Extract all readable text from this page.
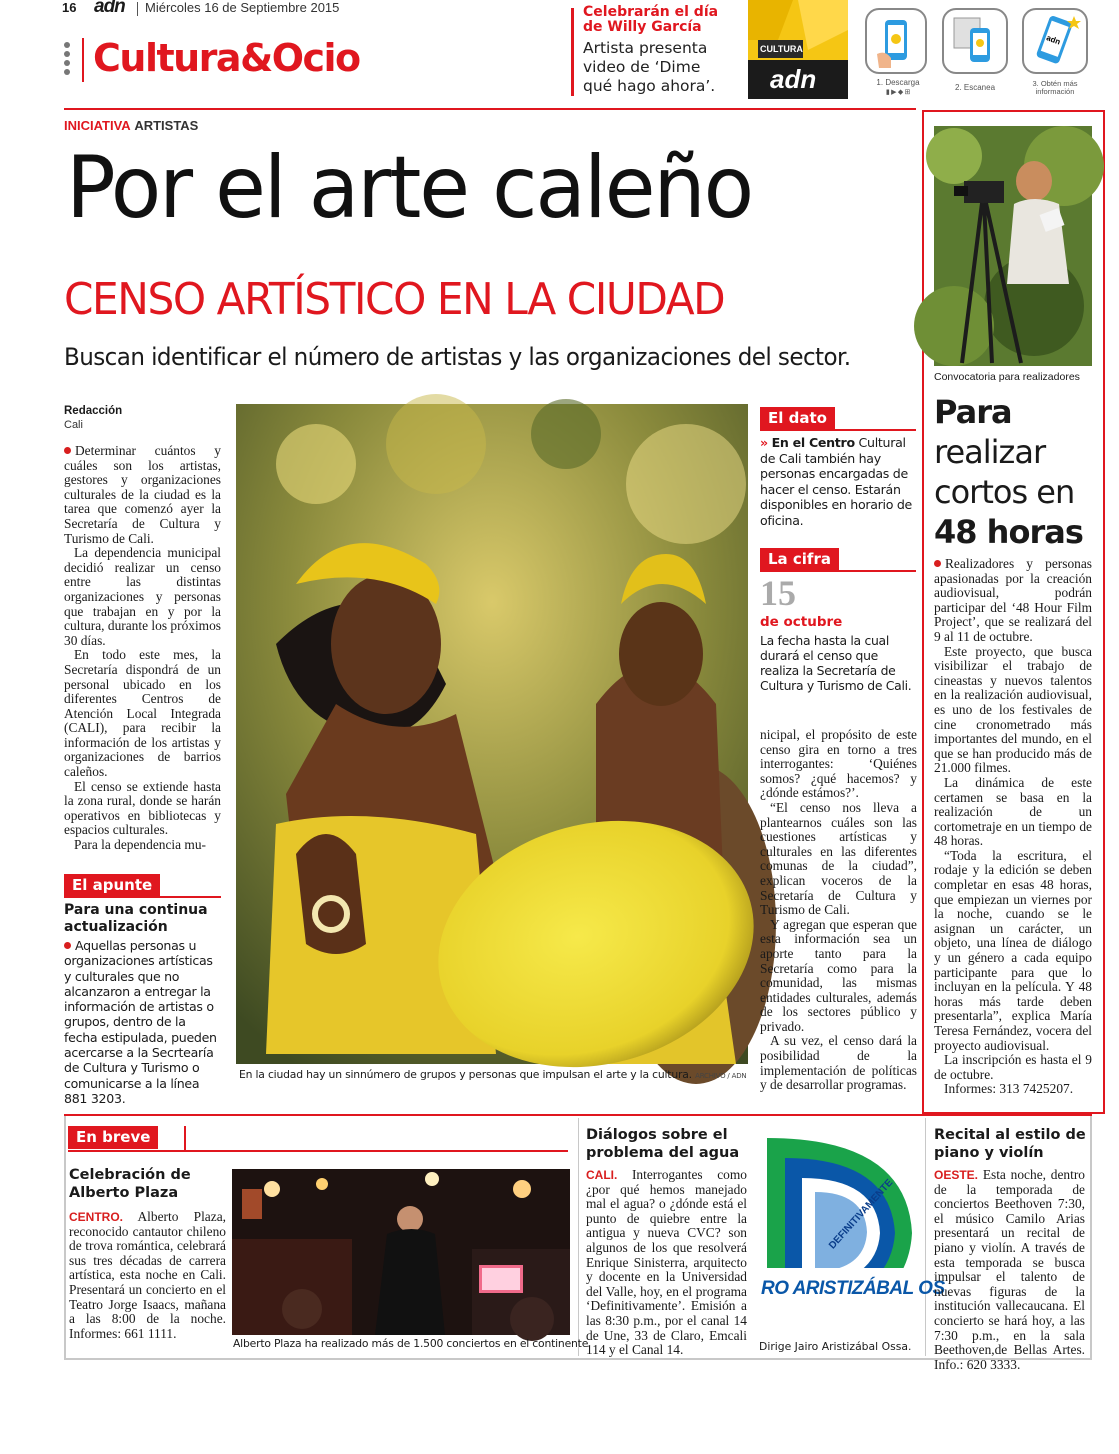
16 adn Miércoles 16 de Septiembre 2015
Cultura&Ocio
Celebrarán el día de Willy García
Artista presenta video de ‘Dime qué hago ahora’.
CULTURA
adn
adn
1. Descarga
▮ ▶ ◆ ⊞
2. Escanea	3. Obtén más información
INICIATIVA ARTISTAS
Por el arte caleño
CENSO ARTÍSTICO EN LA CIUDAD
Buscan identificar el número de artistas y las organizaciones del sector.
Redacción
Cali

Determinar cuántos y cuáles son los artistas, gestores y organizaciones culturales de la ciudad es la tarea que comenzó ayer la Secretaría de Cultura y Turismo de Cali.

La dependencia municipal decidió realizar un censo entre las distintas organizaciones y personas que trabajan en y por la cultura, durante los próximos 30 días.

En todo este mes, la Secretaría dispondrá de un personal ubicado en los diferentes Centros de Atención Local Integrada (CALI), para recibir la información de los artistas y organizaciones de barrios caleños.

El censo se extiende hasta la zona rural, donde se harán operativos en bibliotecas y espacios culturales.

Para la dependencia mu-

El apunte
Para una continua actualización

Aquellas personas u organizaciones artísticas y culturales que no alcanzaron a entregar la información de artistas o grupos, dentro de la fecha estipulada, pueden acercarse a la Secrtearía de Cultura y Turismo o comunicarse a la línea 881 3203.

En la ciudad hay un sinnúmero de grupos y personas que impulsan el arte y la cultura. ARCHIVO / ADN
El dato

» En el Centro Cultural de Cali también hay personas encargadas de hacer el censo. Estarán disponibles en horario de oficina.

La cifra
15
de octubre
La fecha hasta la cual durará el censo que realiza la Secretaría de Cultura y Turismo de Cali.

nicipal, el propósito de este censo gira en torno a tres interrogantes: ‘Quiénes somos? ¿qué hacemos? y ¿dónde estámos?’.

“El censo nos lleva a plantearnos cuáles son las cuestiones artísticas y culturales en las diferentes comunas de la ciudad”, explican voceros de la Secretaría de Cultura y Turismo de Cali.

Y agregan que esperan que esta información sea un aporte tanto para la Secretaría como para la comunidad, las mismas entidades culturales, además de los sectores público y privado.

A su vez, el censo dará la posibilidad de la implementación de políticas y de desarrollar programas.

Convocatoria para realizadores
Para
realizar
cortos en
48 horas

Realizadores y personas apasionadas por la creación audiovisual, podrán participar del ‘48 Hour Film Project’, que se realizará del 9 al 11 de octubre.

Este proyecto, que busca visibilizar el trabajo de cineastas y nuevos talentos en la realización audiovisual, es uno de los festivales de cine cronometrado más importantes del mundo, en el que se han producido más de 21.000 filmes.

La dinámica de este certamen se basa en la realización de un cortometraje en un tiempo de 48 horas.

“Toda la escritura, el rodaje y la edición se deben completar en esas 48 horas, que empiezan un viernes por la noche, cuando se le asignan un carácter, un objeto, una línea de diálogo y un género a cada equipo participante para que lo incluyan en la película. Y 48 horas más tarde deben presentarla”, explica María Teresa Fernández, vocera del proyecto audiovisual.

La inscripción es hasta el 9 de octubre.

Informes: 313 7425207.

En breve
Celebración de Alberto Plaza

CENTRO. Alberto Plaza, reconocido cantautor chileno de trova romántica, celebrará sus tres décadas de carrera artística, esta noche en Cali. Presentará un concierto en el Teatro Jorge Isaacs, mañana a las 8:00 de la noche. Informes: 661 1111.

Alberto Plaza ha realizado más de 1.500 conciertos en el continente
Diálogos sobre el problema del agua

CALI. Interrogantes como ¿por qué hemos manejado mal el agua? o ¿dónde está el punto de quiebre entre la antigua y nueva CVC? son algunos de los que resolverá Enrique Sinisterra, arquitecto y docente en la Universidad del Valle, hoy, en el programa ‘Definitivamente’. Emisión a las 8:30 p.m., por el canal 14 de Une, 33 de Claro, Emcali 114 y el Canal 14.

DEFINITIVAMENTE
RO ARISTIZÁBAL OS
Dirige Jairo Aristizábal Ossa.
Recital al estilo de piano y violín

OESTE. Esta noche, dentro de la temporada de conciertos Beethoven 7:30, el músico Camilo Arias presentará un recital de piano y violín. A través de esta temporada se busca impulsar el talento de nuevas figuras de la institución vallecaucana. El concierto se hará hoy, a las 7:30 p.m., en la sala Beethoven,de Bellas Artes. Info.: 620 3333.
